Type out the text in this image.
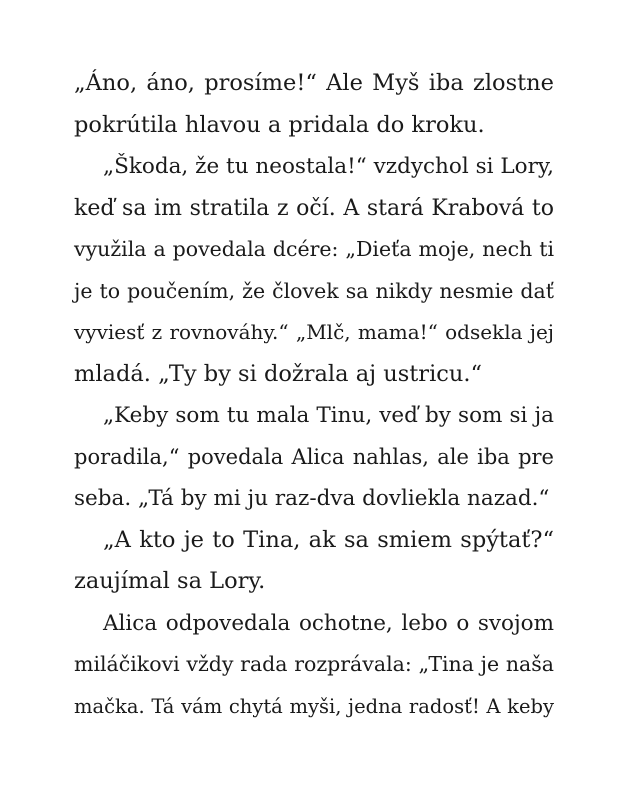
„Áno, áno, prosíme!“ Ale Myš iba zlostne
pokrútila hlavou a pridala do kroku.
„Škoda, že tu neostala!“ vzdychol si Lory,
keď sa im stratila z očí. A stará Krabová to
využila a povedala dcére: „Dieťa moje, nech ti
je to poučením, že človek sa nikdy nesmie dať
vyviesť z rovnováhy.“ „Mlč, mama!“ odsekla jej
mladá. „Ty by si dožrala aj ustricu.“
„Keby som tu mala Tinu, veď by som si ja
poradila,“ povedala Alica nahlas, ale iba pre
seba. „Tá by mi ju raz-dva dovliekla nazad.“
„A kto je to Tina, ak sa smiem spýtať?“
zaujímal sa Lory.
Alica odpovedala ochotne, lebo o svojom
miláčikovi vždy rada rozprávala: „Tina je naša
mačka. Tá vám chytá myši, jedna radosť! A keby
